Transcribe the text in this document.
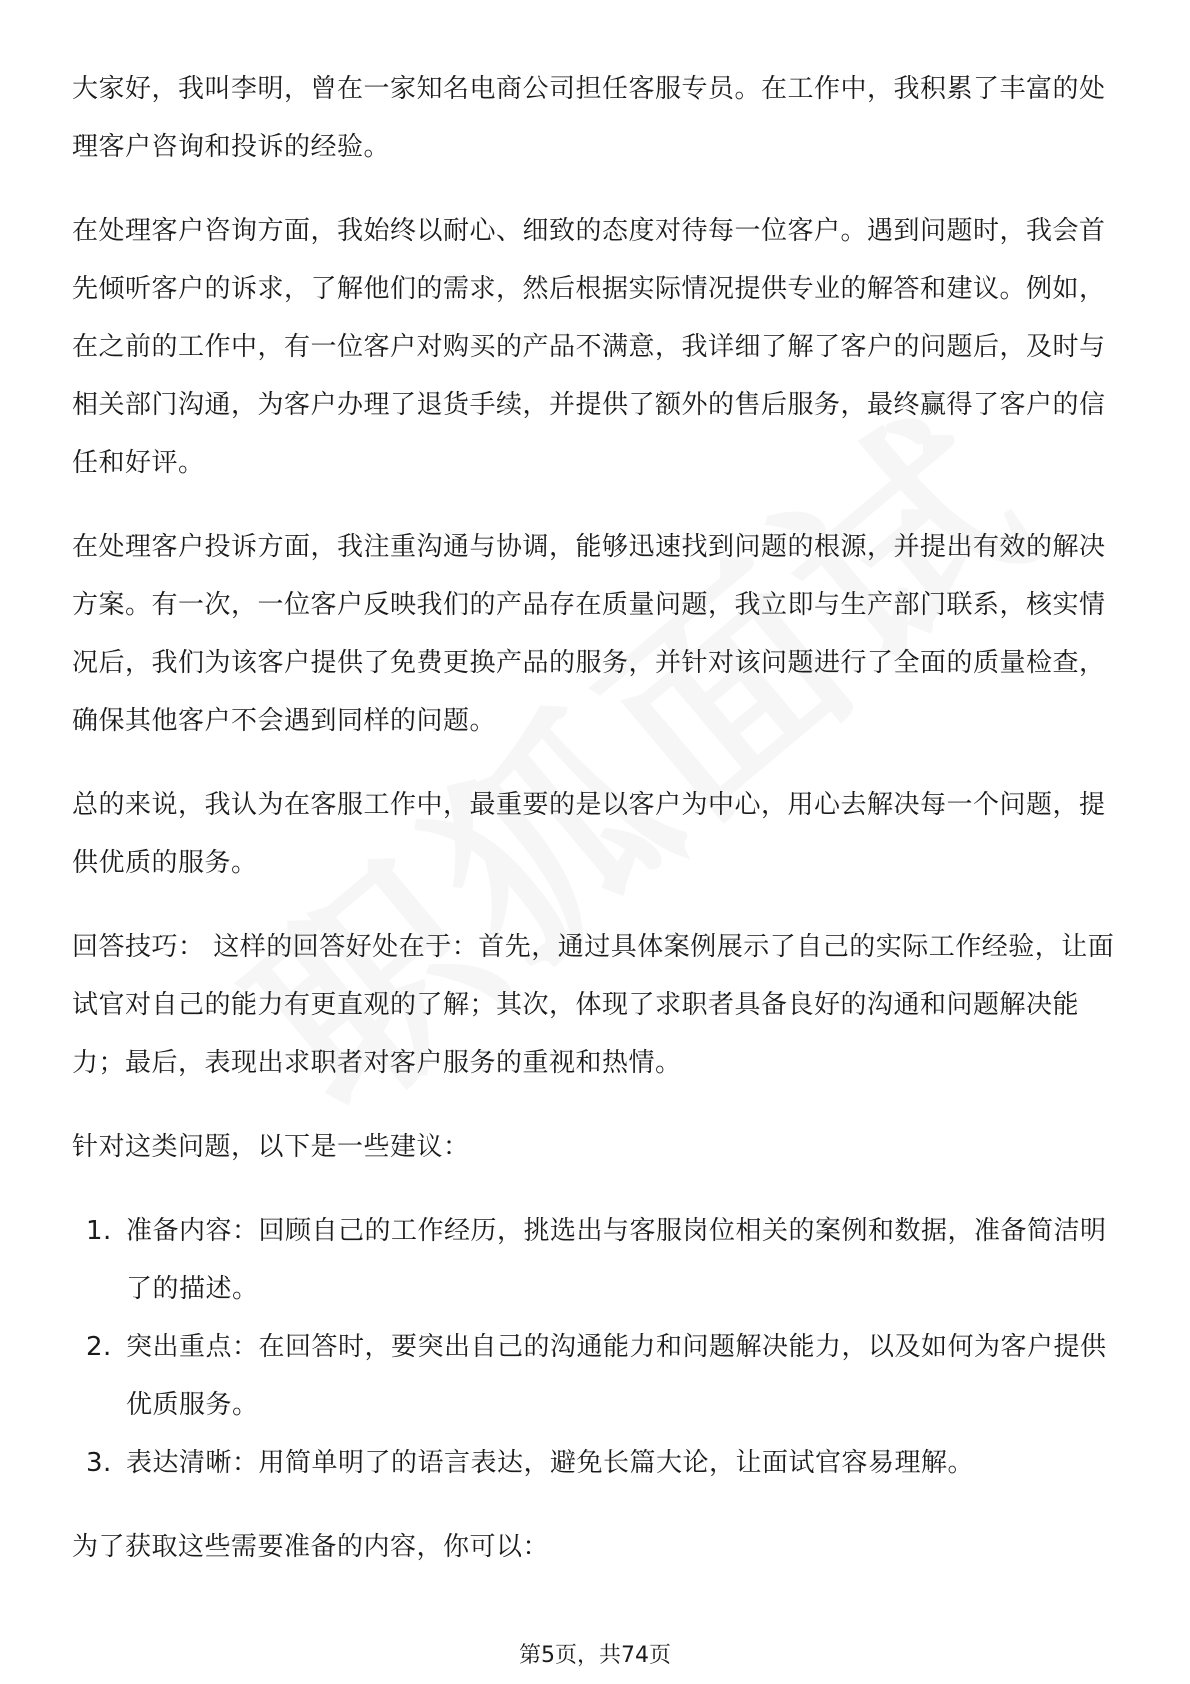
大家好，我叫李明，曾在一家知名电商公司担任客服专员。在工作中，我积累了丰富的处理客户咨询和投诉的经验。

在处理客户咨询方面，我始终以耐心、细致的态度对待每一位客户。遇到问题时，我会首先倾听客户的诉求，了解他们的需求，然后根据实际情况提供专业的解答和建议。例如，在之前的工作中，有一位客户对购买的产品不满意，我详细了解了客户的问题后，及时与相关部门沟通，为客户办理了退货手续，并提供了额外的售后服务，最终赢得了客户的信任和好评。

在处理客户投诉方面，我注重沟通与协调，能够迅速找到问题的根源，并提出有效的解决方案。有一次，一位客户反映我们的产品存在质量问题，我立即与生产部门联系，核实情况后，我们为该客户提供了免费更换产品的服务，并针对该问题进行了全面的质量检查，确保其他客户不会遇到同样的问题。

总的来说，我认为在客服工作中，最重要的是以客户为中心，用心去解决每一个问题，提供优质的服务。

回答技巧： 这样的回答好处在于：首先，通过具体案例展示了自己的实际工作经验，让面试官对自己的能力有更直观的了解；其次，体现了求职者具备良好的沟通和问题解决能力；最后，表现出求职者对客户服务的重视和热情。

针对这类问题，以下是一些建议：

1. 准备内容：回顾自己的工作经历，挑选出与客服岗位相关的案例和数据，准备简洁明了的描述。
2. 突出重点：在回答时，要突出自己的沟通能力和问题解决能力，以及如何为客户提供优质服务。
3. 表达清晰：用简单明了的语言表达，避免长篇大论，让面试官容易理解。

为了获取这些需要准备的内容，你可以：

第5页，共74页
